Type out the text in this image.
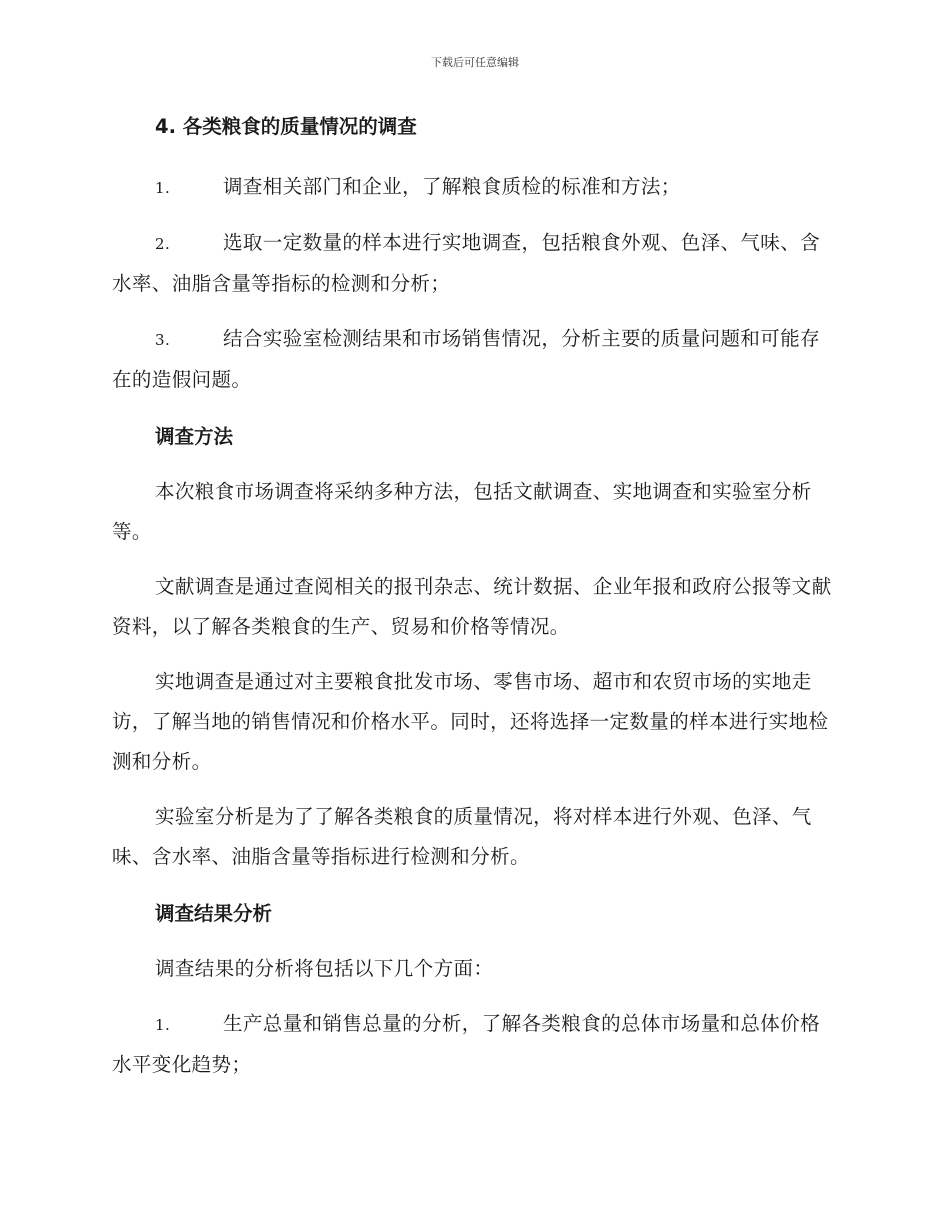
下载后可任意编辑
4. 各类粮食的质量情况的调查
1.	调查相关部门和企业，了解粮食质检的标准和方法；
2.	选取一定数量的样本进行实地调查，包括粮食外观、色泽、气味、含水率、油脂含量等指标的检测和分析；
3.	结合实验室检测结果和市场销售情况，分析主要的质量问题和可能存在的造假问题。
调查方法

本次粮食市场调查将采纳多种方法，包括文献调查、实地调查和实验室分析等。

文献调查是通过查阅相关的报刊杂志、统计数据、企业年报和政府公报等文献资料，以了解各类粮食的生产、贸易和价格等情况。

实地调查是通过对主要粮食批发市场、零售市场、超市和农贸市场的实地走访，了解当地的销售情况和价格水平。同时，还将选择一定数量的样本进行实地检测和分析。

实验室分析是为了了解各类粮食的质量情况，将对样本进行外观、色泽、气味、含水率、油脂含量等指标进行检测和分析。

调查结果分析

调查结果的分析将包括以下几个方面：

1.	生产总量和销售总量的分析，了解各类粮食的总体市场量和总体价格水平变化趋势；
